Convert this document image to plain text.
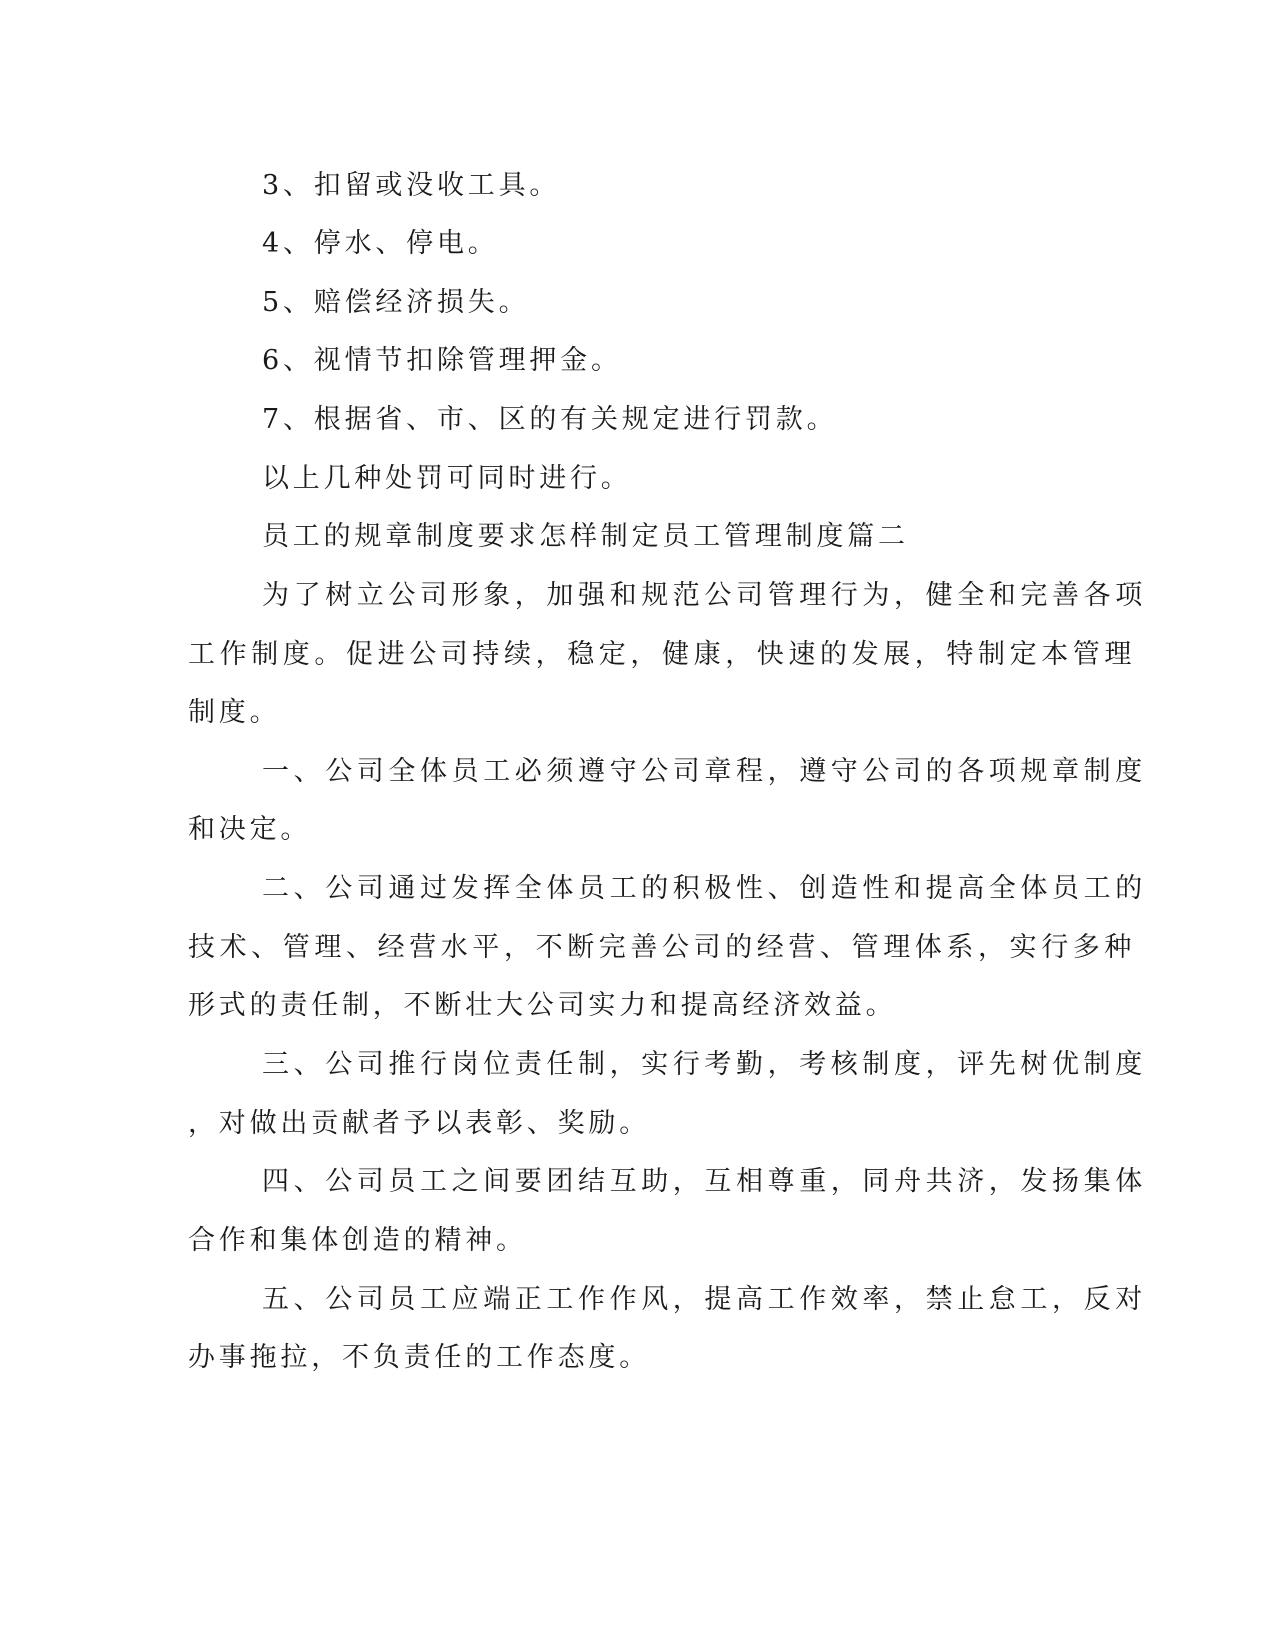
3、扣留或没收工具。
4、停水、停电。
5、赔偿经济损失。
6、视情节扣除管理押金。
7、根据省、市、区的有关规定进行罚款。
以上几种处罚可同时进行。
员工的规章制度要求怎样制定员工管理制度篇二
为了树立公司形象，加强和规范公司管理行为，健全和完善各项
工作制度。促进公司持续，稳定，健康，快速的发展，特制定本管理
制度。
一、公司全体员工必须遵守公司章程，遵守公司的各项规章制度
和决定。
二、公司通过发挥全体员工的积极性、创造性和提高全体员工的
技术、管理、经营水平，不断完善公司的经营、管理体系，实行多种
形式的责任制，不断壮大公司实力和提高经济效益。
三、公司推行岗位责任制，实行考勤，考核制度，评先树优制度
，对做出贡献者予以表彰、奖励。
四、公司员工之间要团结互助，互相尊重，同舟共济，发扬集体
合作和集体创造的精神。
五、公司员工应端正工作作风，提高工作效率，禁止怠工，反对
办事拖拉，不负责任的工作态度。
